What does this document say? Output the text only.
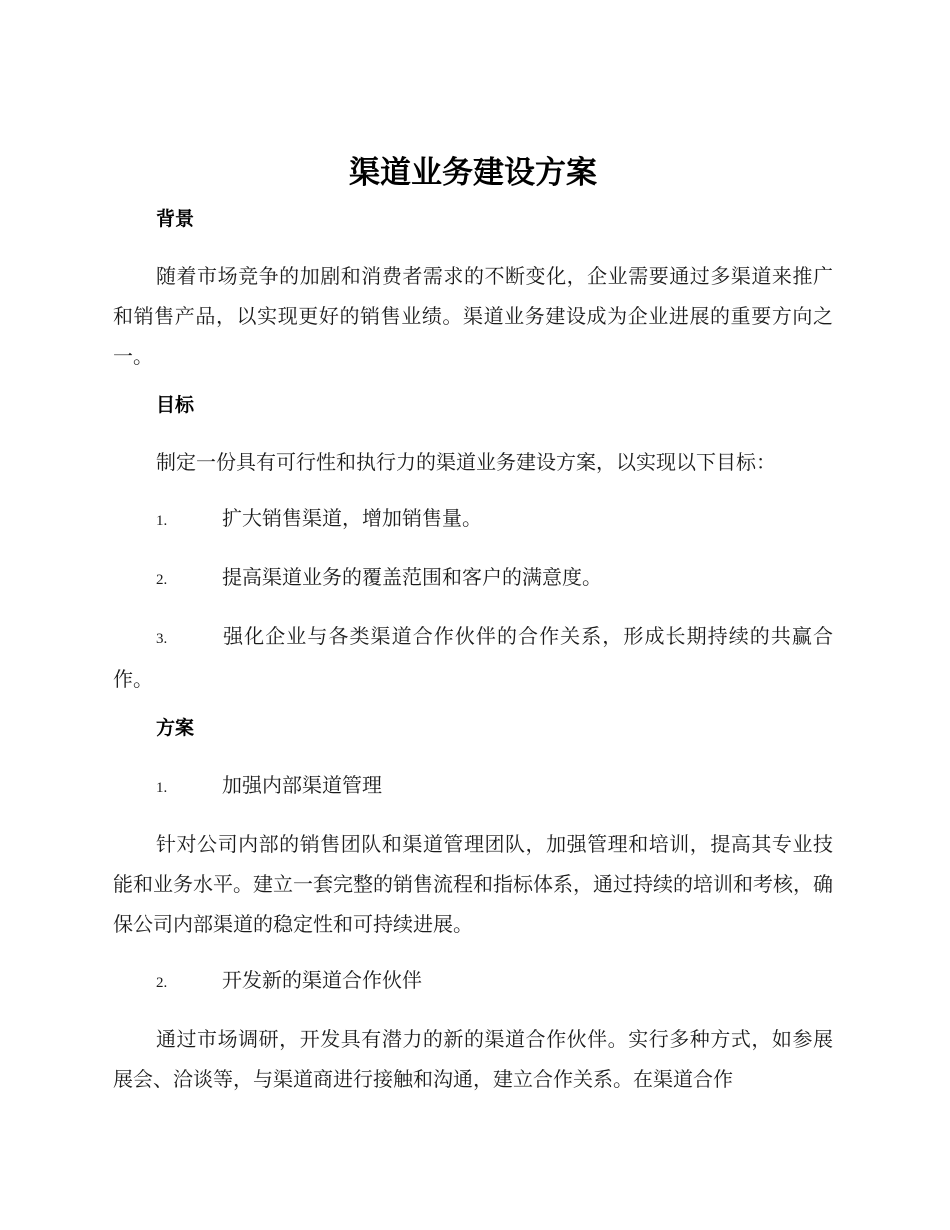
渠道业务建设方案
背景
随着市场竞争的加剧和消费者需求的不断变化，企业需要通过多渠道来推广和销售产品，以实现更好的销售业绩。渠道业务建设成为企业进展的重要方向之一。
目标
制定一份具有可行性和执行力的渠道业务建设方案，以实现以下目标：
1.	扩大销售渠道，增加销售量。
2.	提高渠道业务的覆盖范围和客户的满意度。
3.	强化企业与各类渠道合作伙伴的合作关系，形成长期持续的共赢合作。
方案
1.	加强内部渠道管理
针对公司内部的销售团队和渠道管理团队，加强管理和培训，提高其专业技能和业务水平。建立一套完整的销售流程和指标体系，通过持续的培训和考核，确保公司内部渠道的稳定性和可持续进展。
2.	开发新的渠道合作伙伴
通过市场调研，开发具有潜力的新的渠道合作伙伴。实行多种方式，如参展展会、洽谈等，与渠道商进行接触和沟通，建立合作关系。在渠道合作
